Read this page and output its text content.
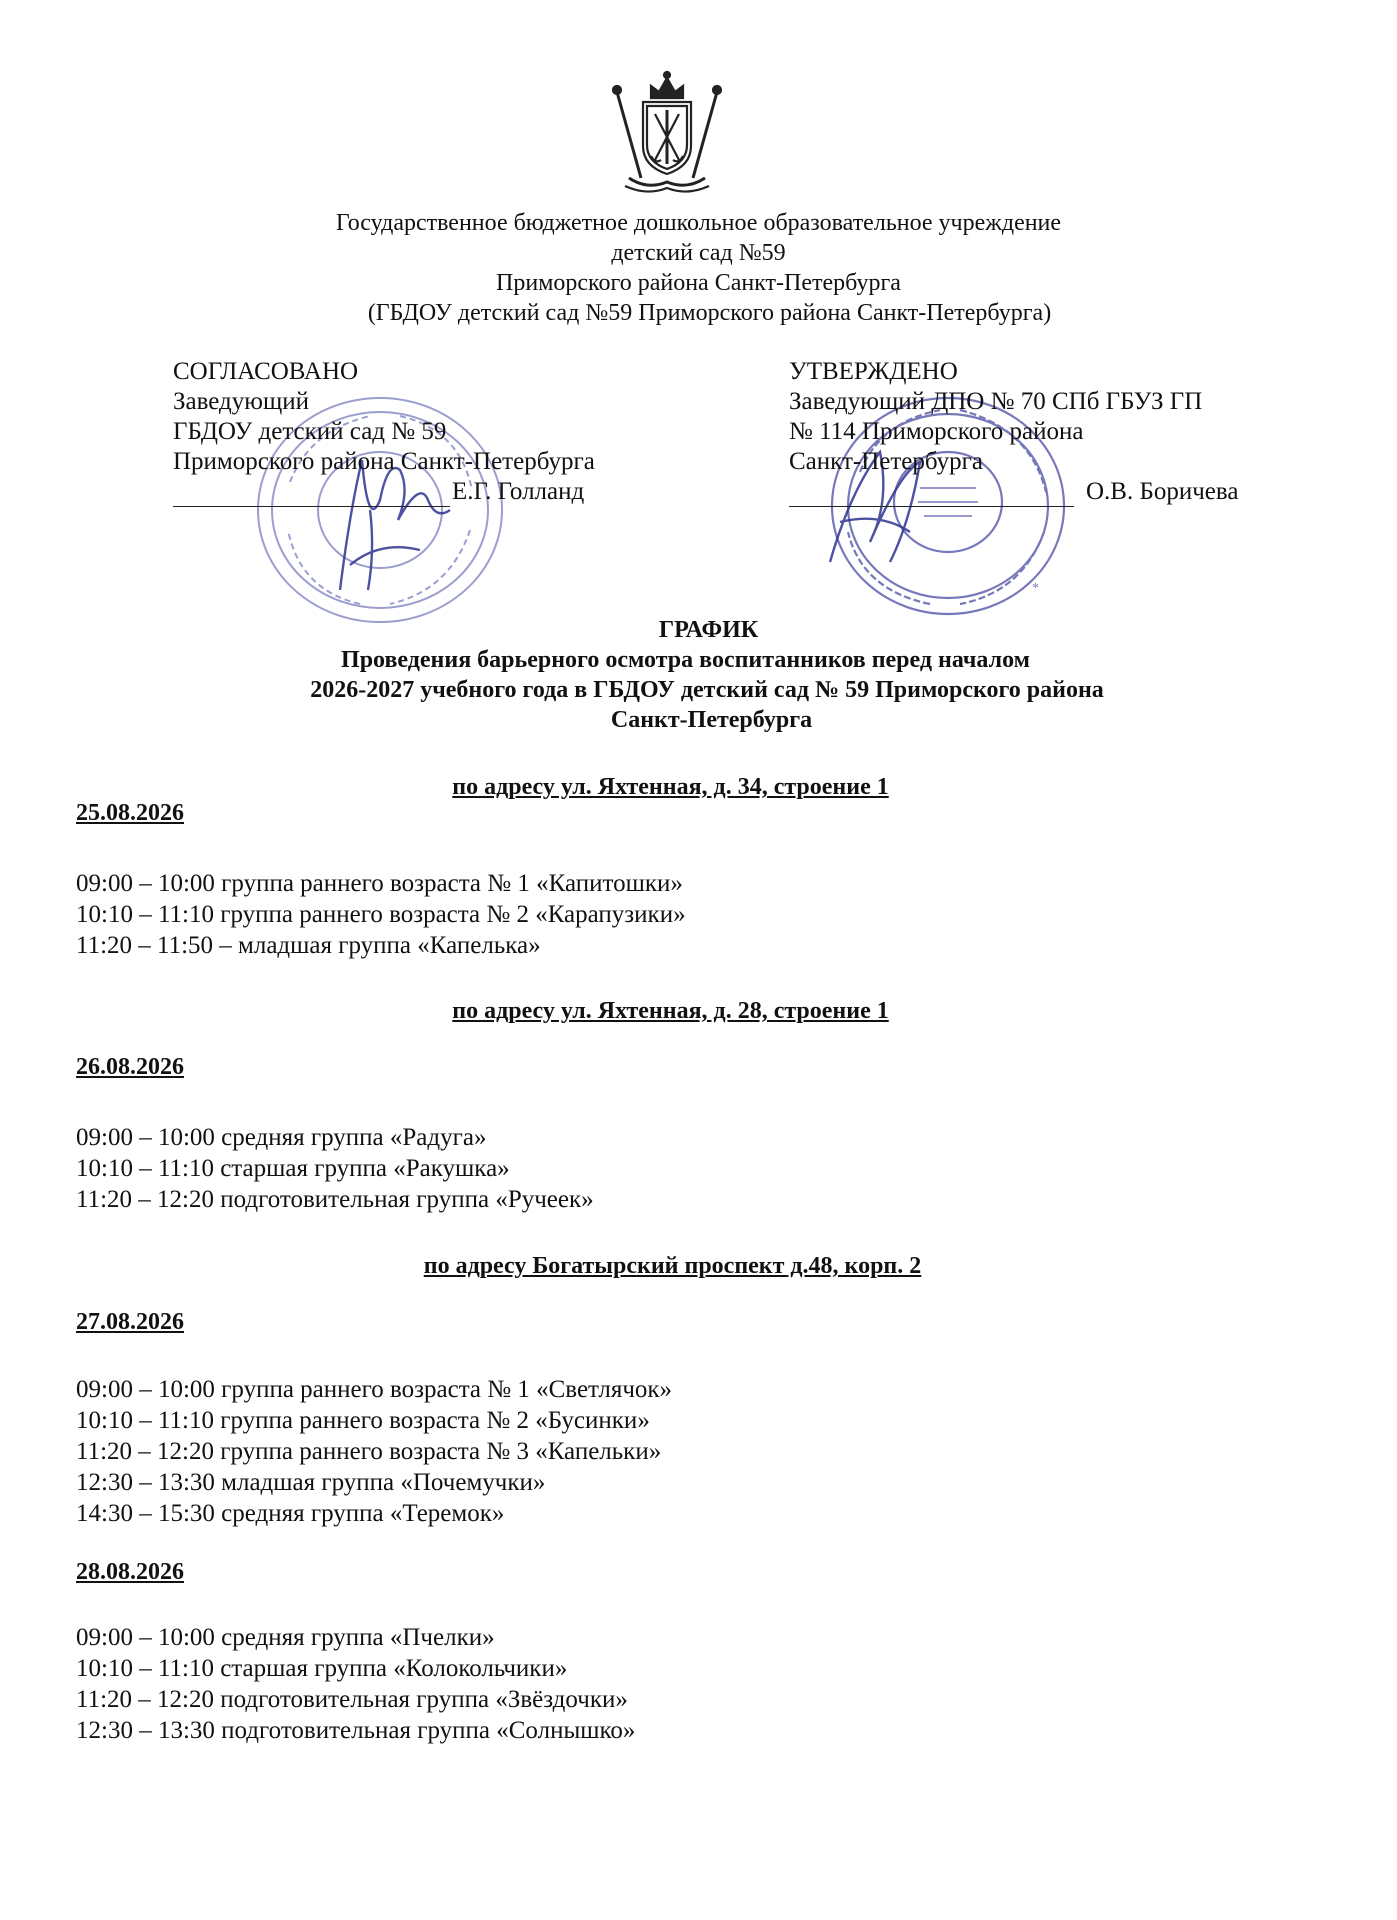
Государственное бюджетное дошкольное образовательное учреждение
детский сад №59
Приморского района Санкт-Петербурга
(ГБДОУ детский сад №59 Приморского района Санкт-Петербурга)
*
СОГЛАСОВАНО
Заведующий
ГБДОУ детский сад № 59
Приморского района Санкт-Петербурга
Е.Г. Голланд
УТВЕРЖДЕНО
Заведующий ДПО № 70 СПб ГБУЗ ГП
№ 114 Приморского района
Санкт-Петербурга
О.В. Боричева
ГРАФИК
Проведения барьерного осмотра воспитанников перед началом
2026-2027 учебного года в ГБДОУ детский сад № 59 Приморского района
Санкт-Петербурга
по адресу ул. Яхтенная, д. 34, строение 1
25.08.2026
09:00 – 10:00 группа раннего возраста № 1 «Капитошки»
10:10 – 11:10 группа раннего возраста № 2 «Карапузики»
11:20 – 11:50 – младшая группа «Капелька»
по адресу ул. Яхтенная, д. 28, строение 1
26.08.2026
09:00 – 10:00 средняя группа «Радуга»
10:10 – 11:10 старшая группа «Ракушка»
11:20 – 12:20 подготовительная группа «Ручеек»
по адресу Богатырский проспект д.48, корп. 2
27.08.2026
09:00 – 10:00 группа раннего возраста № 1 «Светлячок»
10:10 – 11:10 группа раннего возраста № 2 «Бусинки»
11:20 – 12:20 группа раннего возраста № 3 «Капельки»
12:30 – 13:30 младшая группа «Почемучки»
14:30 – 15:30 средняя группа «Теремок»
28.08.2026
09:00 – 10:00 средняя группа «Пчелки»
10:10 – 11:10 старшая группа «Колокольчики»
11:20 – 12:20 подготовительная группа «Звёздочки»
12:30 – 13:30 подготовительная группа «Солнышко»
